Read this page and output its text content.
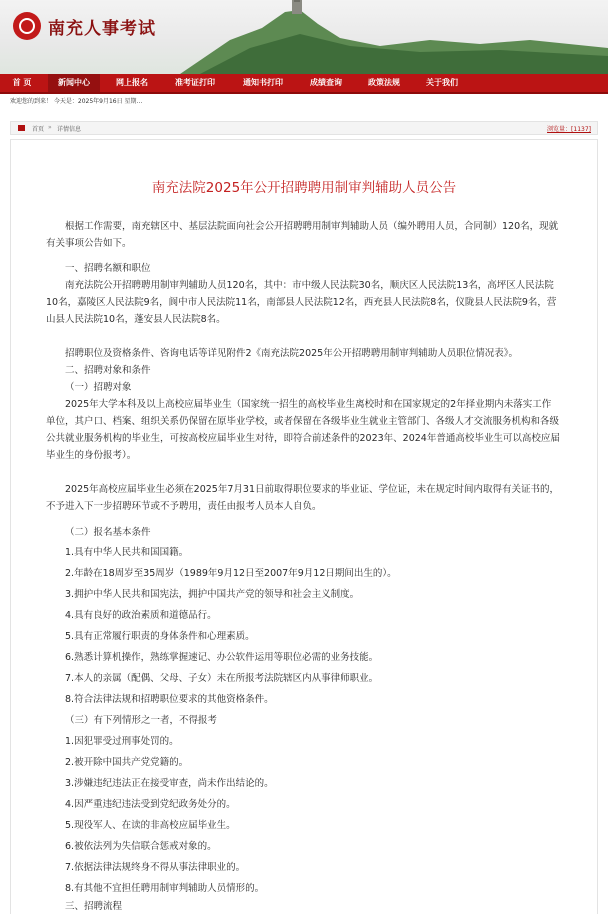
南充人事考试
首 页	新闻中心	网上报名	准考证打印	通知书打印	成绩查询	政策法规	关于我们
欢迎您的到来！ 今天是：2025年9月16日 星期...
首页 » 详情信息	浏览量：[1137]
南充法院2025年公开招聘聘用制审判辅助人员公告
根据工作需要，南充辖区中、基层法院面向社会公开招聘聘用制审判辅助人员（编外聘用人员，合同制）120名，现就有关事项公告如下。
一、招聘名额和职位
南充法院公开招聘聘用制审判辅助人员120名，其中：市中级人民法院30名，顺庆区人民法院13名，高坪区人民法院10名，嘉陵区人民法院9名，阆中市人民法院11名，南部县人民法院12名，西充县人民法院8名，仪陇县人民法院9名，营山县人民法院10名，蓬安县人民法院8名。
招聘职位及资格条件、咨询电话等详见附件2《南充法院2025年公开招聘聘用制审判辅助人员职位情况表》。
二、招聘对象和条件
（一）招聘对象
2025年大学本科及以上高校应届毕业生（国家统一招生的高校毕业生离校时和在国家规定的2年择业期内未落实工作单位，其户口、档案、组织关系仍保留在原毕业学校，或者保留在各级毕业生就业主管部门、各级人才交流服务机构和各级公共就业服务机构的毕业生，可按高校应届毕业生对待，即符合前述条件的2023年、2024年普通高校毕业生可以高校应届毕业生的身份报考）。
2025年高校应届毕业生必须在2025年7月31日前取得职位要求的毕业证、学位证，未在规定时间内取得有关证书的，不予进入下一步招聘环节或不予聘用，责任由报考人员本人自负。
（二）报名基本条件
1.具有中华人民共和国国籍。
2.年龄在18周岁至35周岁（1989年9月12日至2007年9月12日期间出生的）。
3.拥护中华人民共和国宪法，拥护中国共产党的领导和社会主义制度。
4.具有良好的政治素质和道德品行。
5.具有正常履行职责的身体条件和心理素质。
6.熟悉计算机操作，熟练掌握速记、办公软件运用等职位必需的业务技能。
7.本人的亲属（配偶、父母、子女）未在所报考法院辖区内从事律师职业。
8.符合法律法规和招聘职位要求的其他资格条件。
（三）有下列情形之一者，不得报考
1.因犯罪受过刑事处罚的。
2.被开除中国共产党党籍的。
3.涉嫌违纪违法正在接受审查，尚未作出结论的。
4.因严重违纪违法受到党纪政务处分的。
5.现役军人、在读的非高校应届毕业生。
6.被依法列为失信联合惩戒对象的。
7.依据法律法规终身不得从事法律职业的。
8.有其他不宜担任聘用制审判辅助人员情形的。
三、招聘流程
